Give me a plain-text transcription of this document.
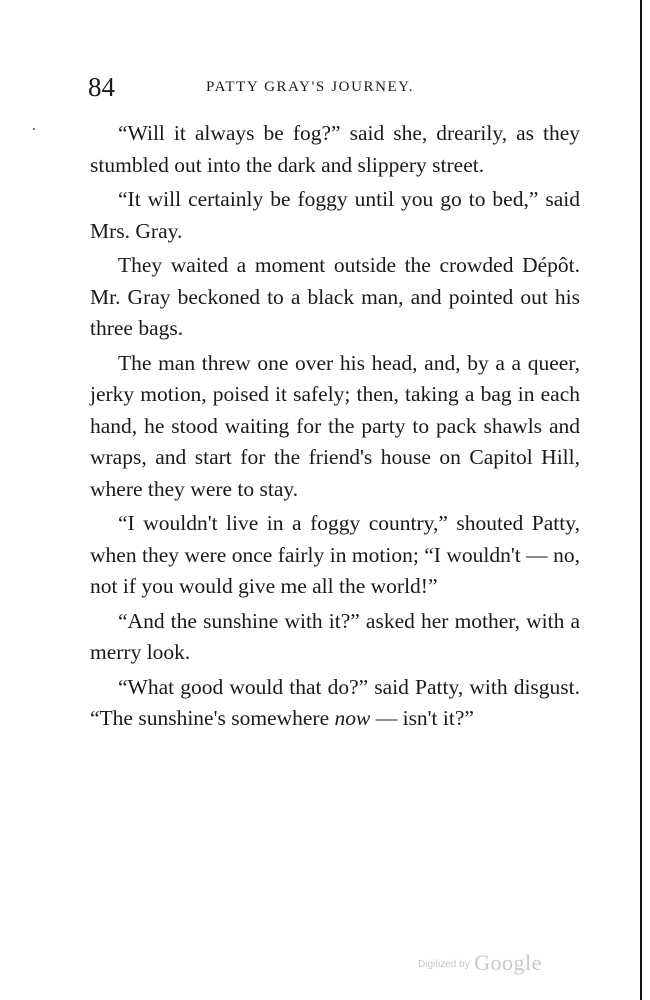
84	PATTY GRAY'S JOURNEY.

“Will it always be fog?” said she, drearily, as they stumbled out into the dark and slippery street.

“It will certainly be foggy until you go to bed,” said Mrs. Gray.

They waited a moment outside the crowded Dépôt. Mr. Gray beckoned to a black man, and pointed out his three bags.

The man threw one over his head, and, by a a queer, jerky motion, poised it safely; then, taking a bag in each hand, he stood waiting for the party to pack shawls and wraps, and start for the friend's house on Capitol Hill, where they were to stay.

“I wouldn't live in a foggy country,” shouted Patty, when they were once fairly in motion; “I wouldn't — no, not if you would give me all the world!”

“And the sunshine with it?” asked her mother, with a merry look.

“What good would that do?” said Patty, with disgust. “The sunshine's somewhere now — isn't it?”

Digitized by Google
